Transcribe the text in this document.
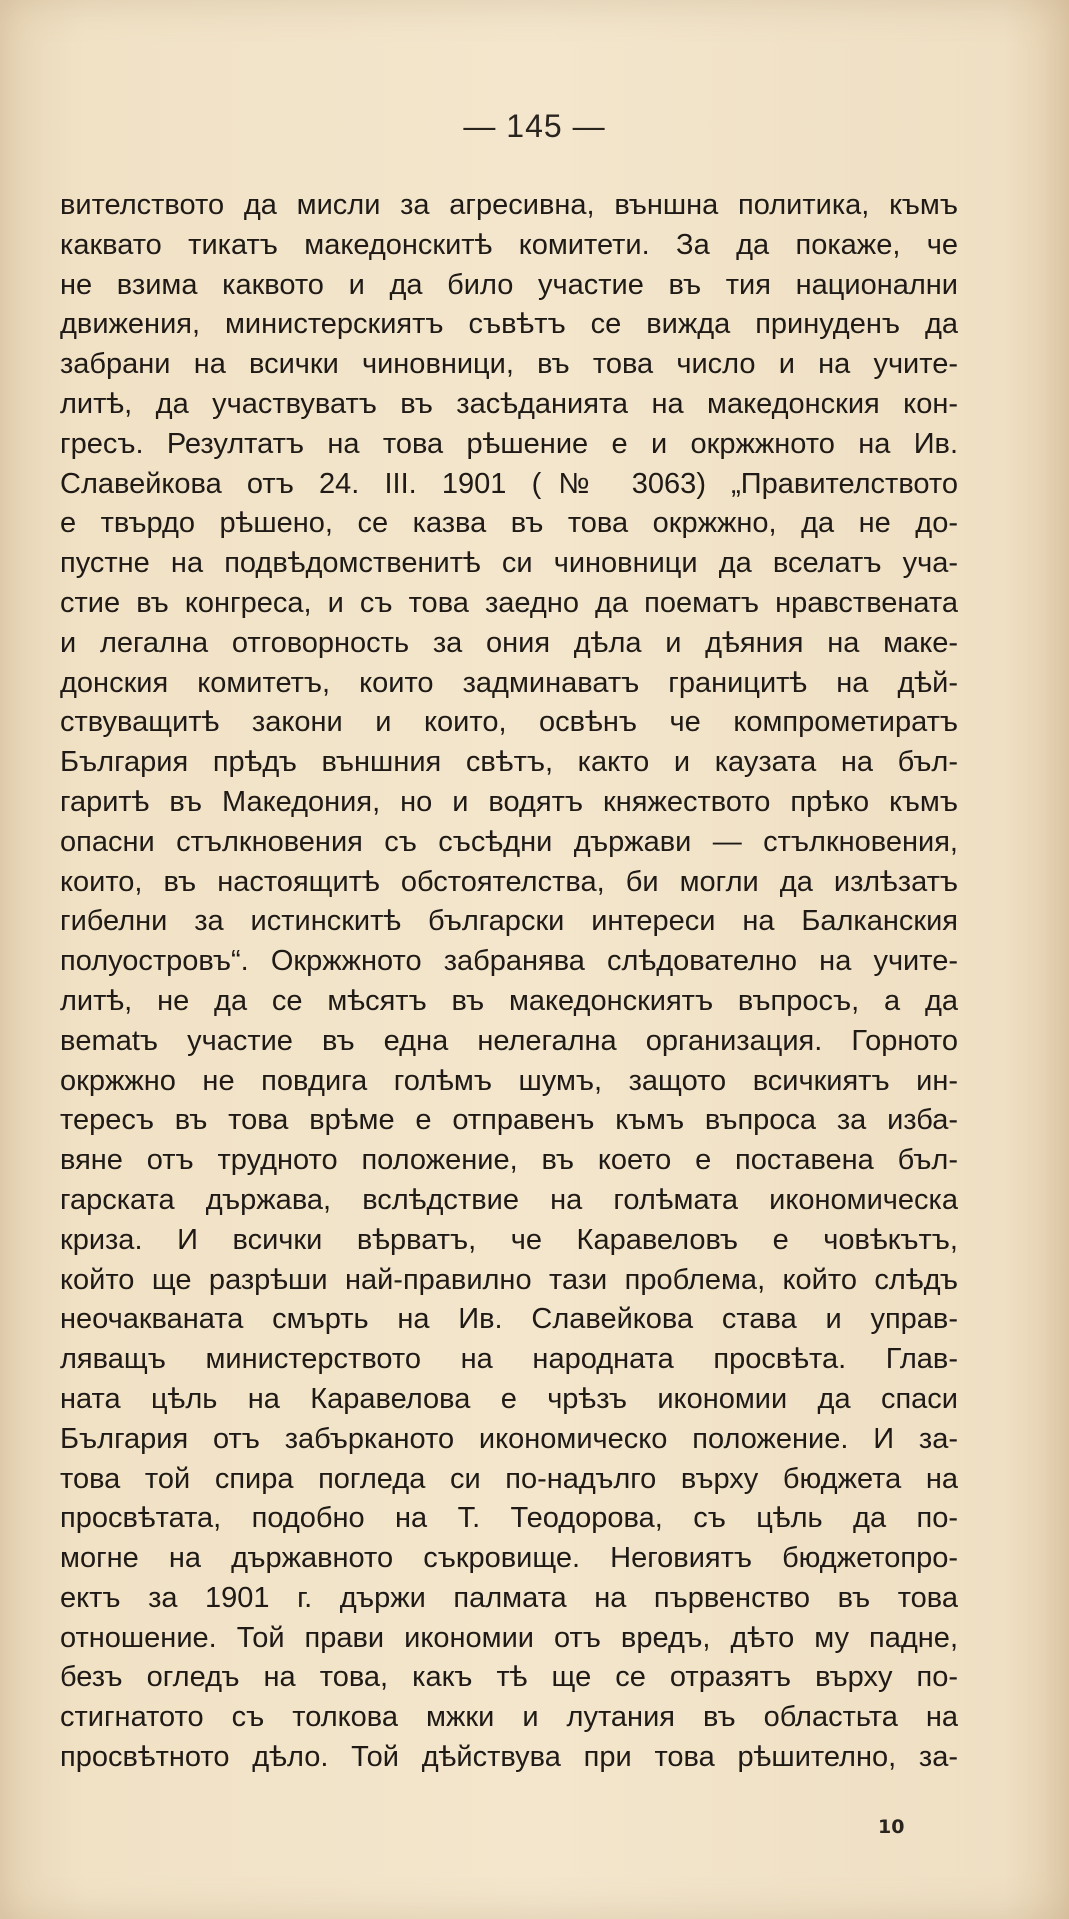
— 145 —
вителството да мисли за агресивна, външна политика, къмъ
каквато тикатъ македонскитѣ комитети. За да покаже, че
не взима каквото и да било участие въ тия национални
движения, министерскиятъ съвѣтъ се вижда принуденъ да
забрани на всички чиновници, въ това число и на учите-
литѣ, да участвуватъ въ засѣданията на македонския кон-
гресъ. Резултатъ на това рѣшение е и окржжното на Ив.
Славейкова отъ 24. III. 1901 (№ 3063) „Правителството
е твърдо рѣшено, се казва въ това окржжно, да не до-
пустне на подвѣдомственитѣ си чиновници да вселатъ уча-
стие въ конгреса, и съ това заедно да поематъ нравствената
и легална отговорность за ония дѣла и дѣяния на маке-
донския комитетъ, които задминаватъ границитѣ на дѣй-
ствуващитѣ закони и които, освѣнъ че компрометиратъ
България прѣдъ външния свѣтъ, както и каузата на бъл-
гаритѣ въ Македония, но и водятъ княжеството прѣко къмъ
опасни стълкновения съ съсѣдни държави — стълкновения,
които, въ настоящитѣ обстоятелства, би могли да излѣзатъ
гибелни за истинскитѣ български интереси на Балканския
полуостровъ“. Окржжното забранява слѣдователно на учите-
литѣ, не да се мѣсятъ въ македонскиятъ въпросъ, а да
вematъ участие въ една нелегална организация. Горното
окржжно не повдига голѣмъ шумъ, защото всичкиятъ ин-
тересъ въ това врѣме е отправенъ къмъ въпроса за изба-
вяне отъ трудното положение, въ което е поставена бъл-
гарската държава, вслѣдствие на голѣмата икономическа
криза. И всички вѣрватъ, че Каравеловъ е човѣкътъ,
който ще разрѣши най-правилно тази проблема, който слѣдъ
неочакваната смърть на Ив. Славейкова става и управ-
ляващъ министерството на народната просвѣта. Глав-
ната цѣль на Каравелова е чрѣзъ икономии да спаси
България отъ забърканото икономическо положение. И за-
това той спира погледа си по-надълго върху бюджета на
просвѣтата, подобно на Т. Теодорова, съ цѣль да по-
могне на държавното съкровище. Неговиятъ бюджетопро-
ектъ за 1901 г. държи палмата на първенство въ това
отношение. Той прави икономии отъ вредъ, дѣто му падне,
безъ огледъ на това, какъ тѣ ще се отразятъ върху по-
стигнатото съ толкова мжки и лутания въ областьта на
просвѣтното дѣло. Той дѣйствува при това рѣшително, за-
10
